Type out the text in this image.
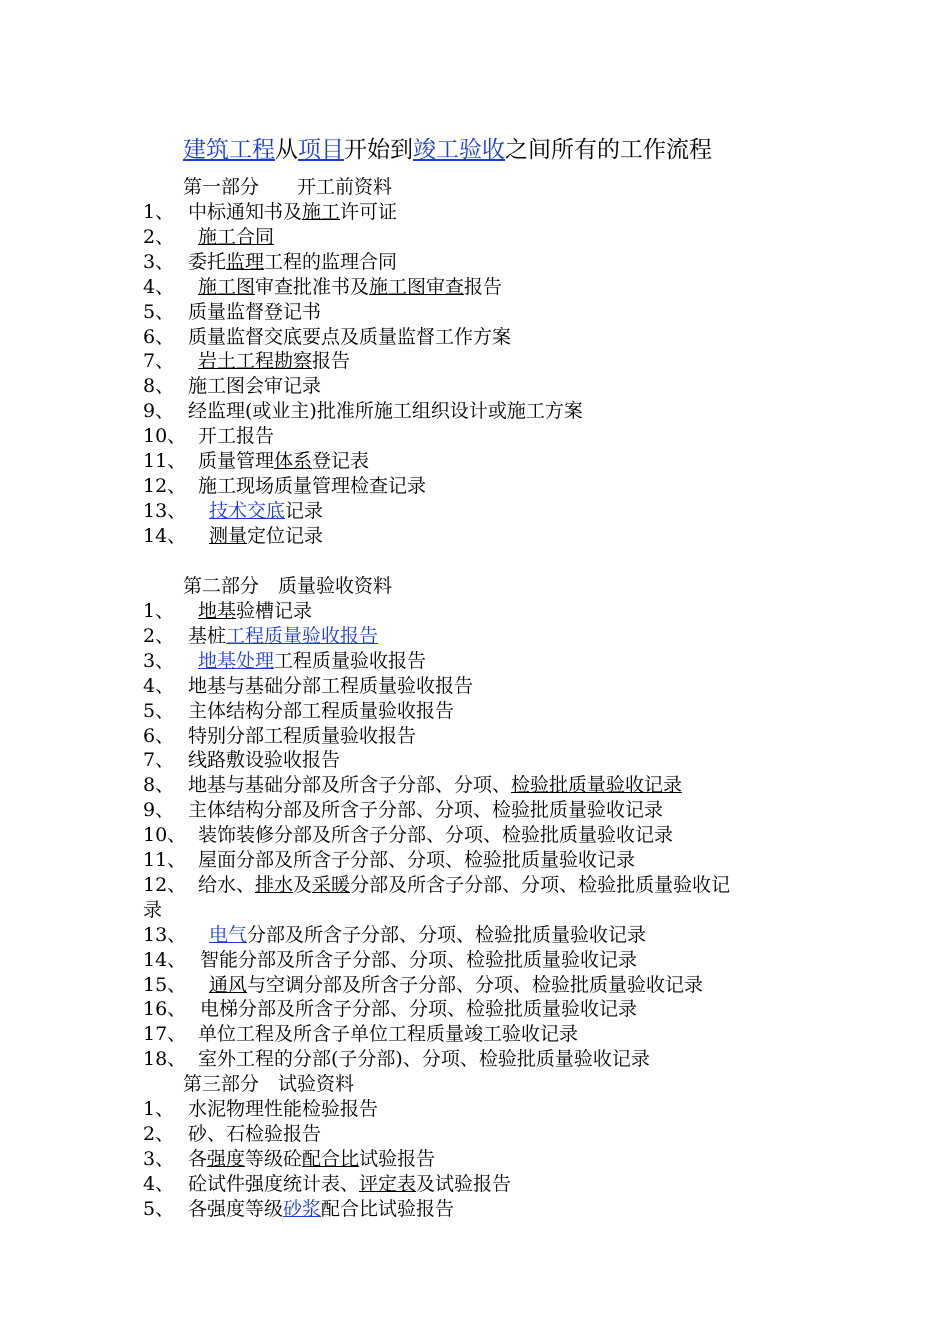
建筑工程从项目开始到竣工验收之间所有的工作流程
第一部分　　开工前资料
1、 中标通知书及施工许可证
2、 施工合同
3、 委托监理工程的监理合同
4、 施工图审查批准书及施工图审查报告
5、 质量监督登记书
6、 质量监督交底要点及质量监督工作方案
7、 岩土工程勘察报告
8、 施工图会审记录
9、 经监理(或业主)批准所施工组织设计或施工方案
10、 开工报告
11、 质量管理体系登记表
12、 施工现场质量管理检查记录
13、 技术交底记录
14、 测量定位记录
第二部分　质量验收资料
1、 地基验槽记录
2、 基桩工程质量验收报告
3、 地基处理工程质量验收报告
4、 地基与基础分部工程质量验收报告
5、 主体结构分部工程质量验收报告
6、 特别分部工程质量验收报告
7、 线路敷设验收报告
8、 地基与基础分部及所含子分部、分项、检验批质量验收记录
9、 主体结构分部及所含子分部、分项、检验批质量验收记录
10、 装饰装修分部及所含子分部、分项、检验批质量验收记录
11、 屋面分部及所含子分部、分项、检验批质量验收记录
12、 给水、排水及采暖分部及所含子分部、分项、检验批质量验收记
录
13、 电气分部及所含子分部、分项、检验批质量验收记录
14、 智能分部及所含子分部、分项、检验批质量验收记录
15、 通风与空调分部及所含子分部、分项、检验批质量验收记录
16、 电梯分部及所含子分部、分项、检验批质量验收记录
17、 单位工程及所含子单位工程质量竣工验收记录
18、 室外工程的分部(子分部)、分项、检验批质量验收记录
第三部分　试验资料
1、 水泥物理性能检验报告
2、 砂、石检验报告
3、 各强度等级砼配合比试验报告
4、 砼试件强度统计表、评定表及试验报告
5、 各强度等级砂浆配合比试验报告
